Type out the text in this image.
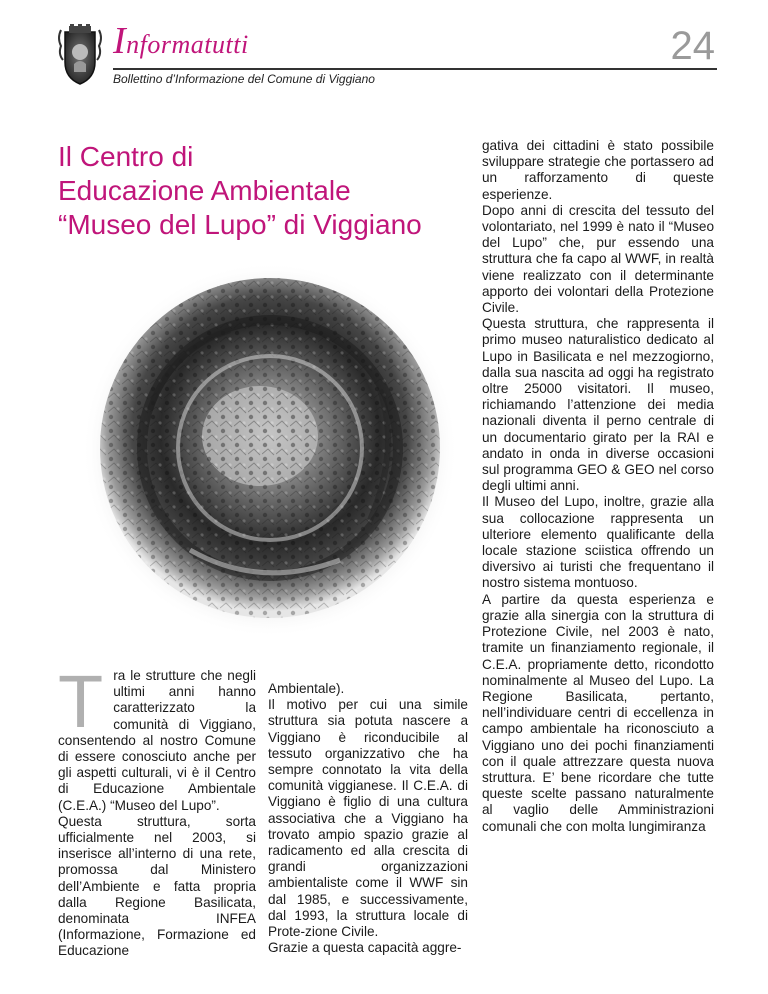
Informatutti
Bollettino d’Informazione del Comune di Viggiano
24
Il Centro di
Educazione Ambientale
“Museo del Lupo” di Viggiano
T ra le strutture che negli ultimi anni hanno caratterizzato la comunità di Viggiano, consentendo al nostro Comune di essere conosciuto anche per gli aspetti culturali, vi è il Centro di Educazione Ambientale (C.E.A.) “Museo del Lupo”.

Questa struttura, sorta ufficialmente nel 2003, si inserisce all’interno di una rete, promossa dal Ministero dell’Ambiente e fatta propria dalla Regione Basilicata, denominata INFEA (Informazione, Formazione ed Educazione

Ambientale).

Il motivo per cui una simile struttura sia potuta nascere a Viggiano è riconducibile al tessuto organizzativo che ha sempre connotato la vita della comunità viggianese. Il C.E.A. di Viggiano è figlio di una cultura associativa che a Viggiano ha trovato ampio spazio grazie al radicamento ed alla crescita di grandi organizzazioni ambientaliste come il WWF sin dal 1985, e successivamente, dal 1993, la struttura locale di Prote-zione Civile.

Grazie a questa capacità aggre-

gativa dei cittadini è stato possibile sviluppare strategie che portassero ad un rafforzamento di queste esperienze.

Dopo anni di crescita del tessuto del volontariato, nel 1999 è nato il “Museo del Lupo” che, pur essendo una struttura che fa capo al WWF, in realtà viene realizzato con il determinante apporto dei volontari della Protezione Civile.

Questa struttura, che rappresenta il primo museo naturalistico dedicato al Lupo in Basilicata e nel mezzogiorno, dalla sua nascita ad oggi ha registrato oltre 25000 visitatori. Il museo, richiamando l’attenzione dei media nazionali diventa il perno centrale di un documentario girato per la RAI e andato in onda in diverse occasioni sul programma GEO & GEO nel corso degli ultimi anni.

Il Museo del Lupo, inoltre, grazie alla sua collocazione rappresenta un ulteriore elemento qualificante della locale stazione sciistica offrendo un diversivo ai turisti che frequentano il nostro sistema montuoso.

A partire da questa esperienza e grazie alla sinergia con la struttura di Protezione Civile, nel 2003 è nato, tramite un finanziamento regionale, il C.E.A. propriamente detto, ricondotto nominalmente al Museo del Lupo. La Regione Basilicata, pertanto, nell’individuare centri di eccellenza in campo ambientale ha riconosciuto a Viggiano uno dei pochi finanziamenti con il quale attrezzare questa nuova struttura. E’ bene ricordare che tutte queste scelte passano naturalmente al vaglio delle Amministrazioni comunali che con molta lungimiranza
